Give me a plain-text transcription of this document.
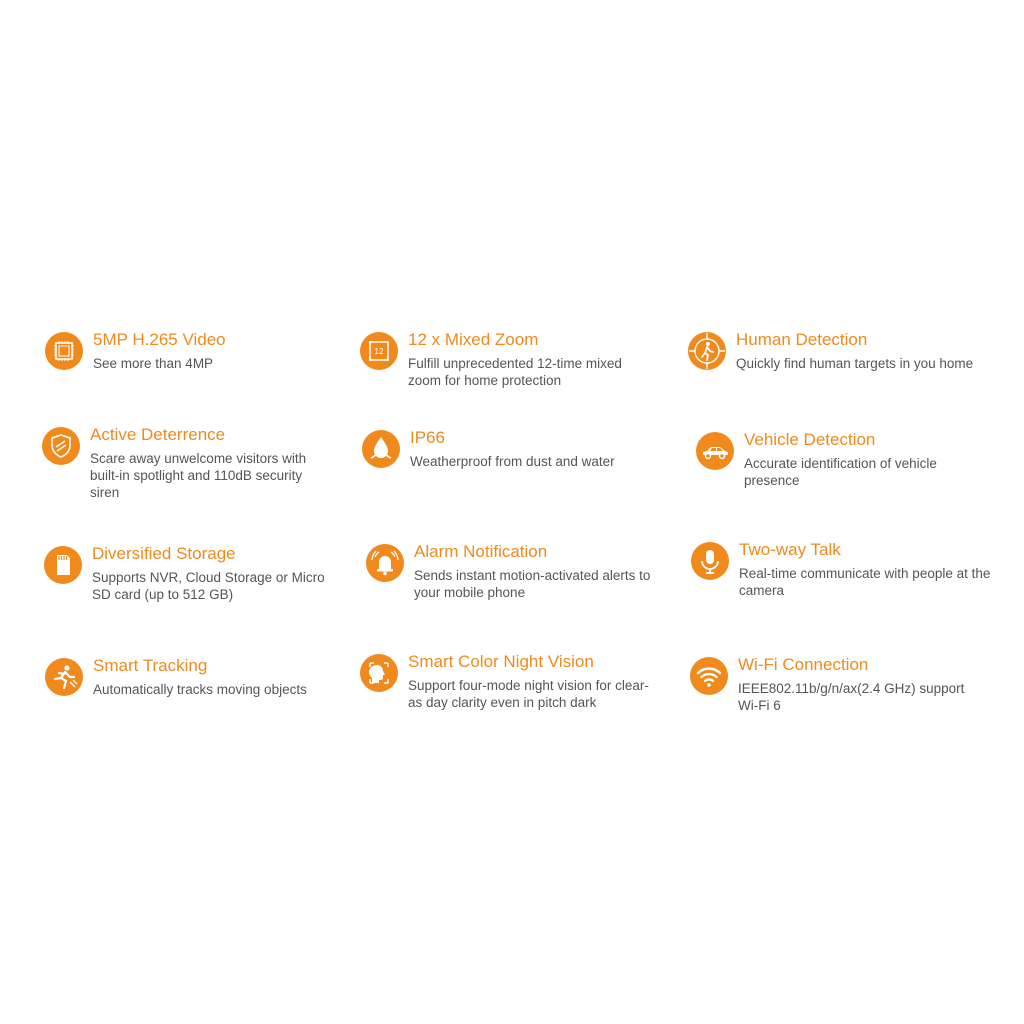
5MP H.265 Video
See more than 4MP
12
12 x Mixed Zoom
Fulfill unprecedented 12-time mixed zoom for home protection
Human Detection
Quickly find human targets in you home
Active Deterrence
Scare away unwelcome visitors with built-in spotlight and 110dB security siren
IP66
Weatherproof from dust and water
Vehicle Detection
Accurate identification of vehicle presence
Diversified Storage
Supports NVR, Cloud Storage or Micro SD card (up to 512 GB)
Alarm Notification
Sends instant motion-activated alerts to your mobile phone
Two-way Talk
Real-time communicate with people at the camera
Smart Tracking
Automatically tracks moving objects
Smart Color Night Vision
Support four-mode night vision for clear-as day clarity even in pitch dark
Wi-Fi Connection
IEEE802.11b/g/n/ax(2.4 GHz) support Wi-Fi 6
